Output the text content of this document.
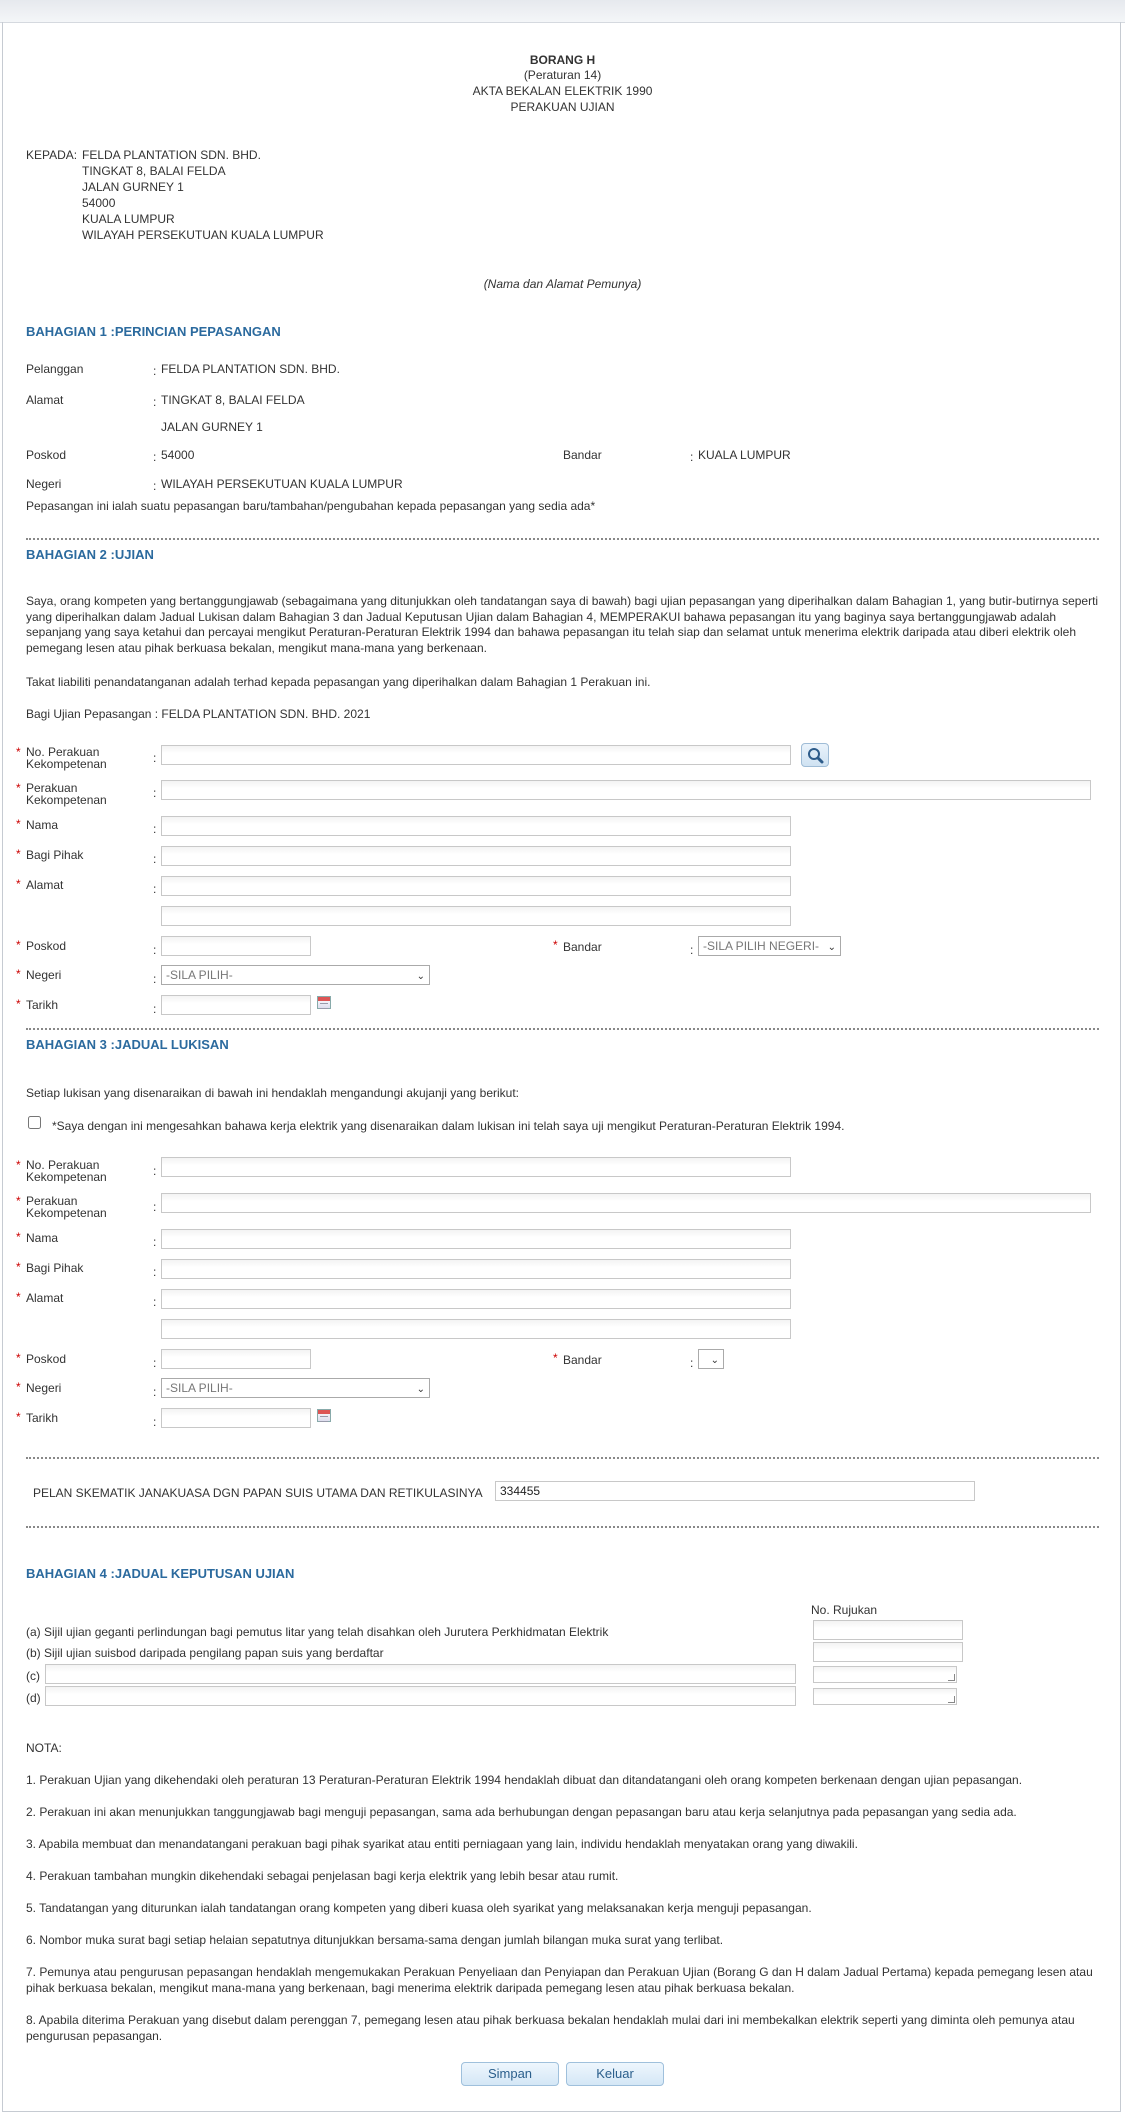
BORANG H
(Peraturan 14)
AKTA BEKALAN ELEKTRIK 1990
PERAKUAN UJIAN
KEPADA: FELDA PLANTATION SDN. BHD.
TINGKAT 8, BALAI FELDA
JALAN GURNEY 1
54000
KUALA LUMPUR
WILAYAH PERSEKUTUAN KUALA LUMPUR
(Nama dan Alamat Pemunya)
BAHAGIAN 1 :PERINCIAN PEPASANGAN
Pelanggan	: FELDA PLANTATION SDN. BHD.
Alamat	: TINGKAT 8, BALAI FELDA
JALAN GURNEY 1
Poskod	: 54000	Bandar	: KUALA LUMPUR
Negeri	: WILAYAH PERSEKUTUAN KUALA LUMPUR
Pepasangan ini ialah suatu pepasangan baru/tambahan/pengubahan kepada pepasangan yang sedia ada*
BAHAGIAN 2 :UJIAN
Saya, orang kompeten yang bertanggungjawab (sebagaimana yang ditunjukkan oleh tandatangan saya di bawah) bagi ujian pepasangan yang diperihalkan dalam Bahagian 1, yang butir-butirnya seperti yang diperihalkan dalam Jadual Lukisan dalam Bahagian 3 dan Jadual Keputusan Ujian dalam Bahagian 4, MEMPERAKUI bahawa pepasangan itu yang baginya saya bertanggungjawab adalah sepanjang yang saya ketahui dan percayai mengikut Peraturan-Peraturan Elektrik 1994 dan bahawa pepasangan itu telah siap dan selamat untuk menerima elektrik daripada atau diberi elektrik oleh pemegang lesen atau pihak berkuasa bekalan, mengikut mana-mana yang berkenaan.
Takat liabiliti penandatanganan adalah terhad kepada pepasangan yang diperihalkan dalam Bahagian 1 Perakuan ini.
Bagi Ujian Pepasangan : FELDA PLANTATION SDN. BHD. 2021
* No. Perakuan
Kekompetenan	:
* Perakuan
Kekompetenan	:
* Nama	:
* Bagi Pihak	:
* Alamat	:
* Poskod	:	* Bandar	: -SILA PILIH NEGERI- ⌄
* Negeri	: -SILA PILIH-	⌄
* Tarikh	:
BAHAGIAN 3 :JADUAL LUKISAN
Setiap lukisan yang disenaraikan di bawah ini hendaklah mengandungi akujanji yang berikut:
*Saya dengan ini mengesahkan bahawa kerja elektrik yang disenaraikan dalam lukisan ini telah saya uji mengikut Peraturan-Peraturan Elektrik 1994.
* No. Perakuan
Kekompetenan	:
* Perakuan
Kekompetenan	:
* Nama	:
* Bagi Pihak	:
* Alamat	:
* Poskod	:	* Bandar	: ⌄
* Negeri	: -SILA PILIH-	⌄
* Tarikh	:
PELAN SKEMATIK JANAKUASA DGN PAPAN SUIS UTAMA DAN RETIKULASINYA
334455
BAHAGIAN 4 :JADUAL KEPUTUSAN UJIAN
No. Rujukan
(a) Sijil ujian geganti perlindungan bagi pemutus litar yang telah disahkan oleh Jurutera Perkhidmatan Elektrik
(b) Sijil ujian suisbod daripada pengilang papan suis yang berdaftar
(c)
(d)
NOTA:
1. Perakuan Ujian yang dikehendaki oleh peraturan 13 Peraturan-Peraturan Elektrik 1994 hendaklah dibuat dan ditandatangani oleh orang kompeten berkenaan dengan ujian pepasangan.
2. Perakuan ini akan menunjukkan tanggungjawab bagi menguji pepasangan, sama ada berhubungan dengan pepasangan baru atau kerja selanjutnya pada pepasangan yang sedia ada.
3. Apabila membuat dan menandatangani perakuan bagi pihak syarikat atau entiti perniagaan yang lain, individu hendaklah menyatakan orang yang diwakili.
4. Perakuan tambahan mungkin dikehendaki sebagai penjelasan bagi kerja elektrik yang lebih besar atau rumit.
5. Tandatangan yang diturunkan ialah tandatangan orang kompeten yang diberi kuasa oleh syarikat yang melaksanakan kerja menguji pepasangan.
6. Nombor muka surat bagi setiap helaian sepatutnya ditunjukkan bersama-sama dengan jumlah bilangan muka surat yang terlibat.
7. Pemunya atau pengurusan pepasangan hendaklah mengemukakan Perakuan Penyeliaan dan Penyiapan dan Perakuan Ujian (Borang G dan H dalam Jadual Pertama) kepada pemegang lesen atau pihak berkuasa bekalan, mengikut mana-mana yang berkenaan, bagi menerima elektrik daripada pemegang lesen atau pihak berkuasa bekalan.
8. Apabila diterima Perakuan yang disebut dalam perenggan 7, pemegang lesen atau pihak berkuasa bekalan hendaklah mulai dari ini membekalkan elektrik seperti yang diminta oleh pemunya atau pengurusan pepasangan.
Simpan	Keluar
